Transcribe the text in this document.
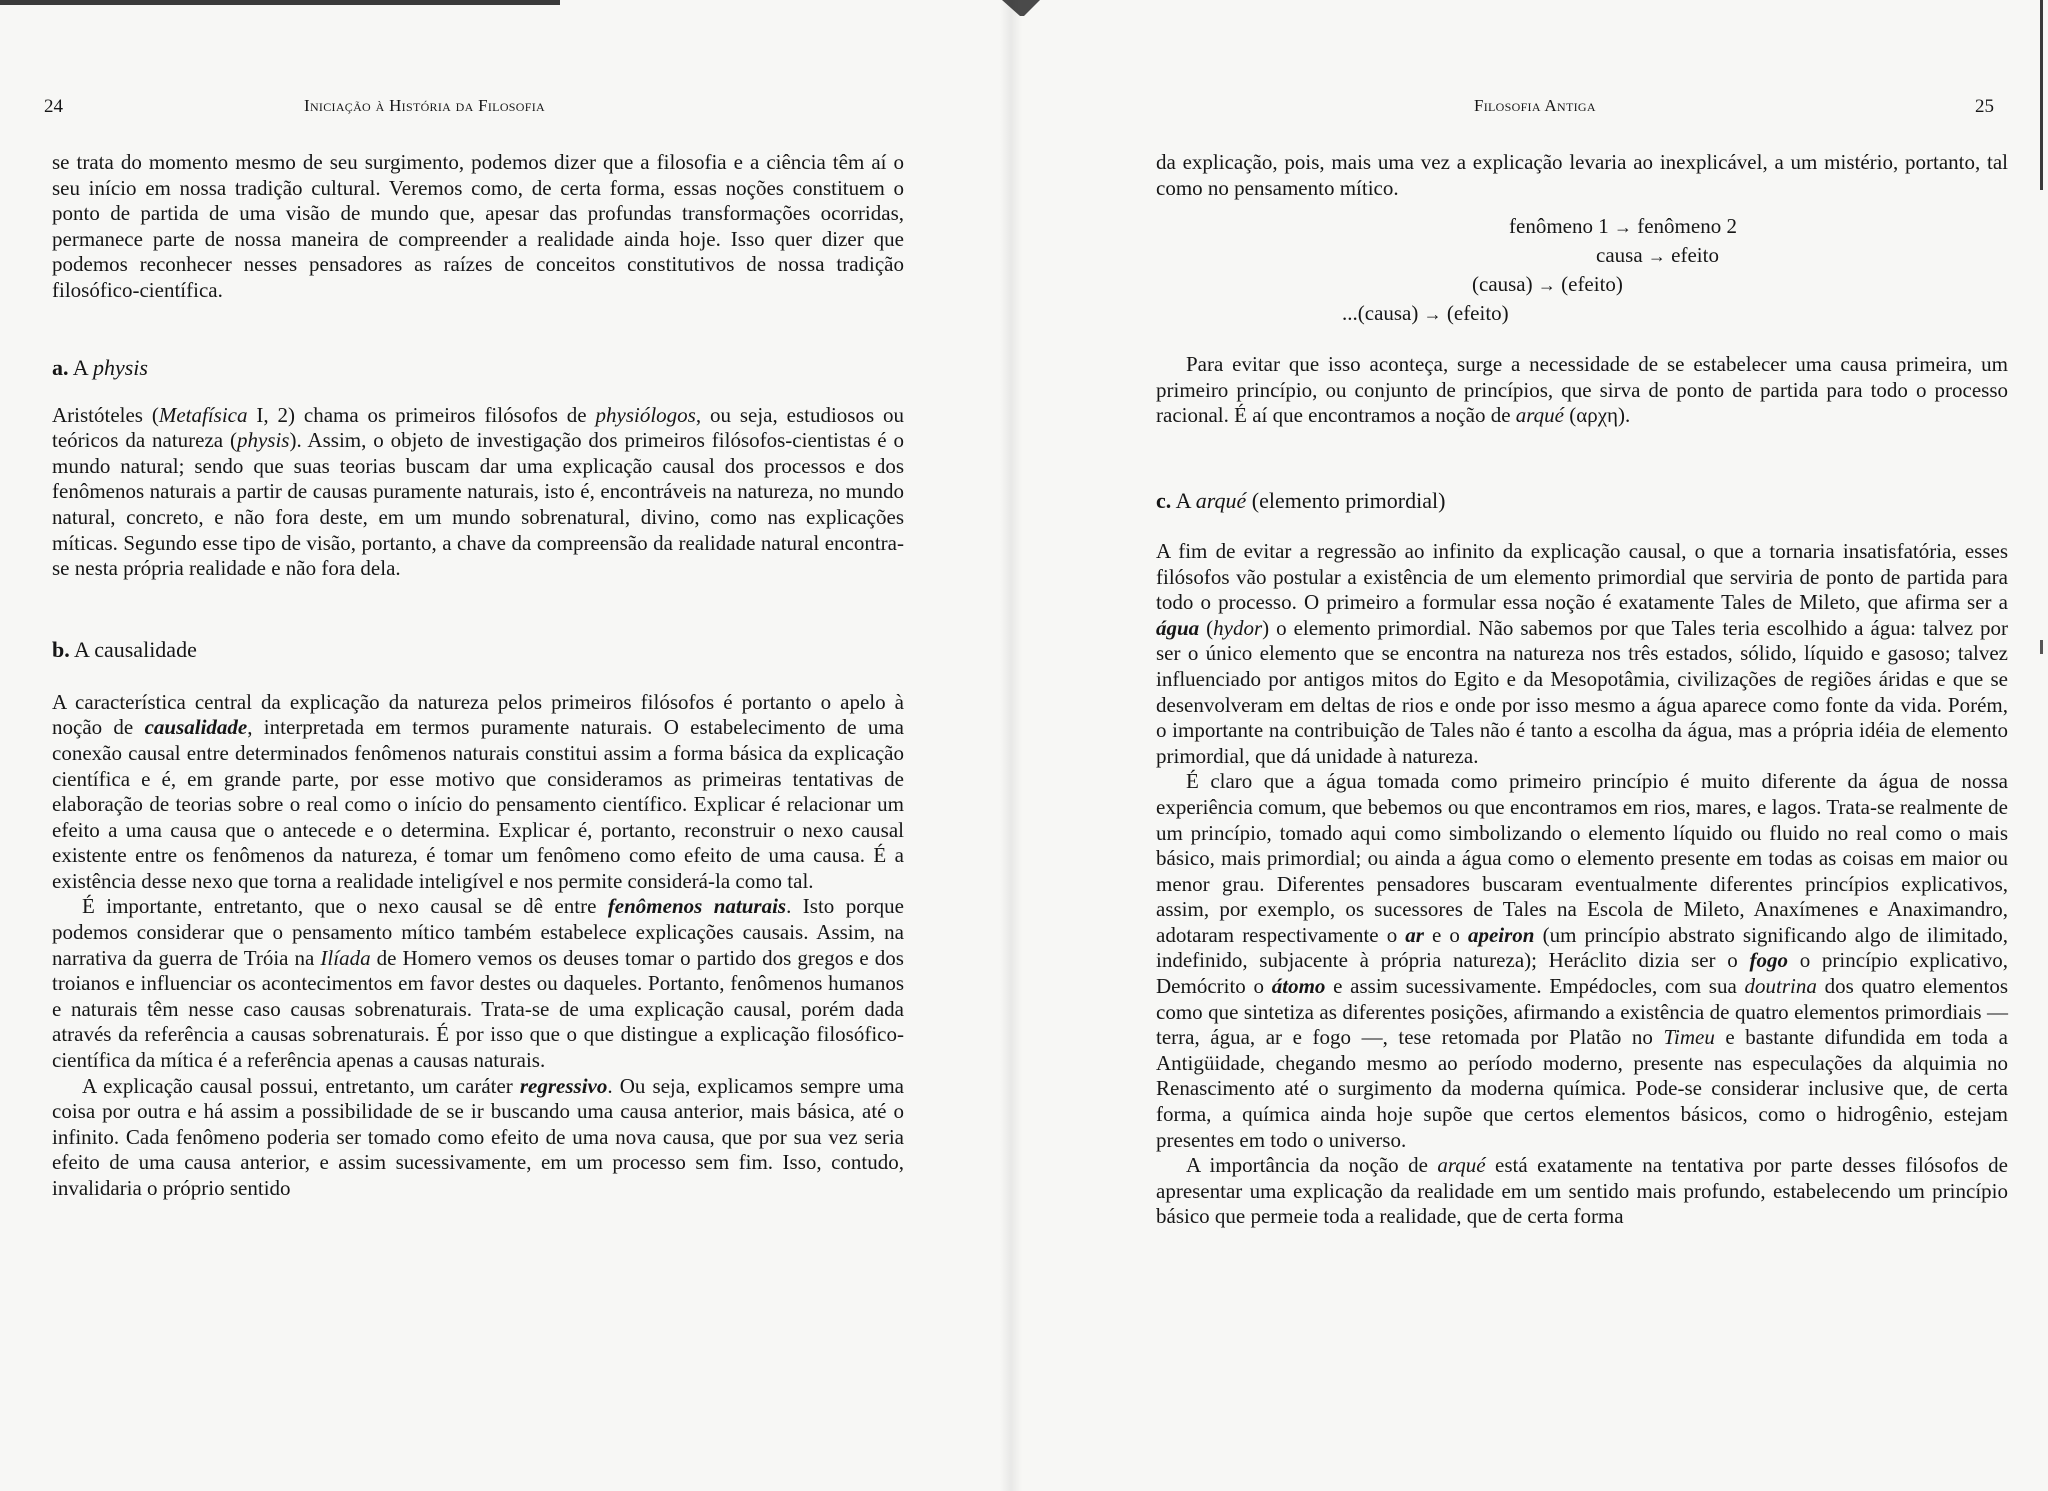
24	Iniciação à História da Filosofia

se trata do momento mesmo de seu surgimento, podemos dizer que a filosofia e a ciência têm aí o seu início em nossa tradição cultural. Veremos como, de certa forma, essas noções constituem o ponto de partida de uma visão de mundo que, apesar das profundas transformações ocorridas, permanece parte de nossa maneira de compreender a realidade ainda hoje. Isso quer dizer que podemos reconhecer nesses pensadores as raízes de conceitos constitutivos de nossa tradição filosófico-científica.

a. A physis

Aristóteles (Metafísica I, 2) chama os primeiros filósofos de physiólogos, ou seja, estudiosos ou teóricos da natureza (physis). Assim, o objeto de investigação dos primeiros filósofos-cientistas é o mundo natural; sendo que suas teorias buscam dar uma explicação causal dos processos e dos fenômenos naturais a partir de causas puramente naturais, isto é, encontráveis na natureza, no mundo natural, concreto, e não fora deste, em um mundo sobrenatural, divino, como nas explicações míticas. Segundo esse tipo de visão, portanto, a chave da compreensão da realidade natural encontra-se nesta própria realidade e não fora dela.

b. A causalidade

A característica central da explicação da natureza pelos primeiros filósofos é portanto o apelo à noção de causalidade, interpretada em termos puramente naturais. O estabelecimento de uma conexão causal entre determinados fenômenos naturais constitui assim a forma básica da explicação científica e é, em grande parte, por esse motivo que consideramos as primeiras tentativas de elaboração de teorias sobre o real como o início do pensamento científico. Explicar é relacionar um efeito a uma causa que o antecede e o determina. Explicar é, portanto, reconstruir o nexo causal existente entre os fenômenos da natureza, é tomar um fenômeno como efeito de uma causa. É a existência desse nexo que torna a realidade inteligível e nos permite considerá-la como tal.

É importante, entretanto, que o nexo causal se dê entre fenômenos naturais. Isto porque podemos considerar que o pensamento mítico também estabelece explicações causais. Assim, na narrativa da guerra de Tróia na Ilíada de Homero vemos os deuses tomar o partido dos gregos e dos troianos e influenciar os acontecimentos em favor destes ou daqueles. Portanto, fenômenos humanos e naturais têm nesse caso causas sobrenaturais. Trata-se de uma explicação causal, porém dada através da referência a causas sobrenaturais. É por isso que o que distingue a explicação filosófico-científica da mítica é a referência apenas a causas naturais.

A explicação causal possui, entretanto, um caráter regressivo. Ou seja, explicamos sempre uma coisa por outra e há assim a possibilidade de se ir buscando uma causa anterior, mais básica, até o infinito. Cada fenômeno poderia ser tomado como efeito de uma nova causa, que por sua vez seria efeito de uma causa anterior, e assim sucessivamente, em um processo sem fim. Isso, contudo, invalidaria o próprio sentido

Filosofia Antiga	25

da explicação, pois, mais uma vez a explicação levaria ao inexplicável, a um mistério, portanto, tal como no pensamento mítico.

fenômeno 1 → fenômeno 2
causa → efeito
(causa) → (efeito)
...(causa) → (efeito)

Para evitar que isso aconteça, surge a necessidade de se estabelecer uma causa primeira, um primeiro princípio, ou conjunto de princípios, que sirva de ponto de partida para todo o processo racional. É aí que encontramos a noção de arqué (αρχη).

c. A arqué (elemento primordial)

A fim de evitar a regressão ao infinito da explicação causal, o que a tornaria insatisfatória, esses filósofos vão postular a existência de um elemento primordial que serviria de ponto de partida para todo o processo. O primeiro a formular essa noção é exatamente Tales de Mileto, que afirma ser a água (hydor) o elemento primordial. Não sabemos por que Tales teria escolhido a água: talvez por ser o único elemento que se encontra na natureza nos três estados, sólido, líquido e gasoso; talvez influenciado por antigos mitos do Egito e da Mesopotâmia, civilizações de regiões áridas e que se desenvolveram em deltas de rios e onde por isso mesmo a água aparece como fonte da vida. Porém, o importante na contribuição de Tales não é tanto a escolha da água, mas a própria idéia de elemento primordial, que dá unidade à natureza.

É claro que a água tomada como primeiro princípio é muito diferente da água de nossa experiência comum, que bebemos ou que encontramos em rios, mares, e lagos. Trata-se realmente de um princípio, tomado aqui como simbolizando o elemento líquido ou fluido no real como o mais básico, mais primordial; ou ainda a água como o elemento presente em todas as coisas em maior ou menor grau. Diferentes pensadores buscaram eventualmente diferentes princípios explicativos, assim, por exemplo, os sucessores de Tales na Escola de Mileto, Anaxímenes e Anaximandro, adotaram respectivamente o ar e o apeiron (um princípio abstrato significando algo de ilimitado, indefinido, subjacente à própria natureza); Heráclito dizia ser o fogo o princípio explicativo, Demócrito o átomo e assim sucessivamente. Empédocles, com sua doutrina dos quatro elementos como que sintetiza as diferentes posições, afirmando a existência de quatro elementos primordiais — terra, água, ar e fogo —, tese retomada por Platão no Timeu e bastante difundida em toda a Antigüidade, chegando mesmo ao período moderno, presente nas especulações da alquimia no Renascimento até o surgimento da moderna química. Pode-se considerar inclusive que, de certa forma, a química ainda hoje supõe que certos elementos básicos, como o hidrogênio, estejam presentes em todo o universo.

A importância da noção de arqué está exatamente na tentativa por parte desses filósofos de apresentar uma explicação da realidade em um sentido mais profundo, estabelecendo um princípio básico que permeie toda a realidade, que de certa forma
